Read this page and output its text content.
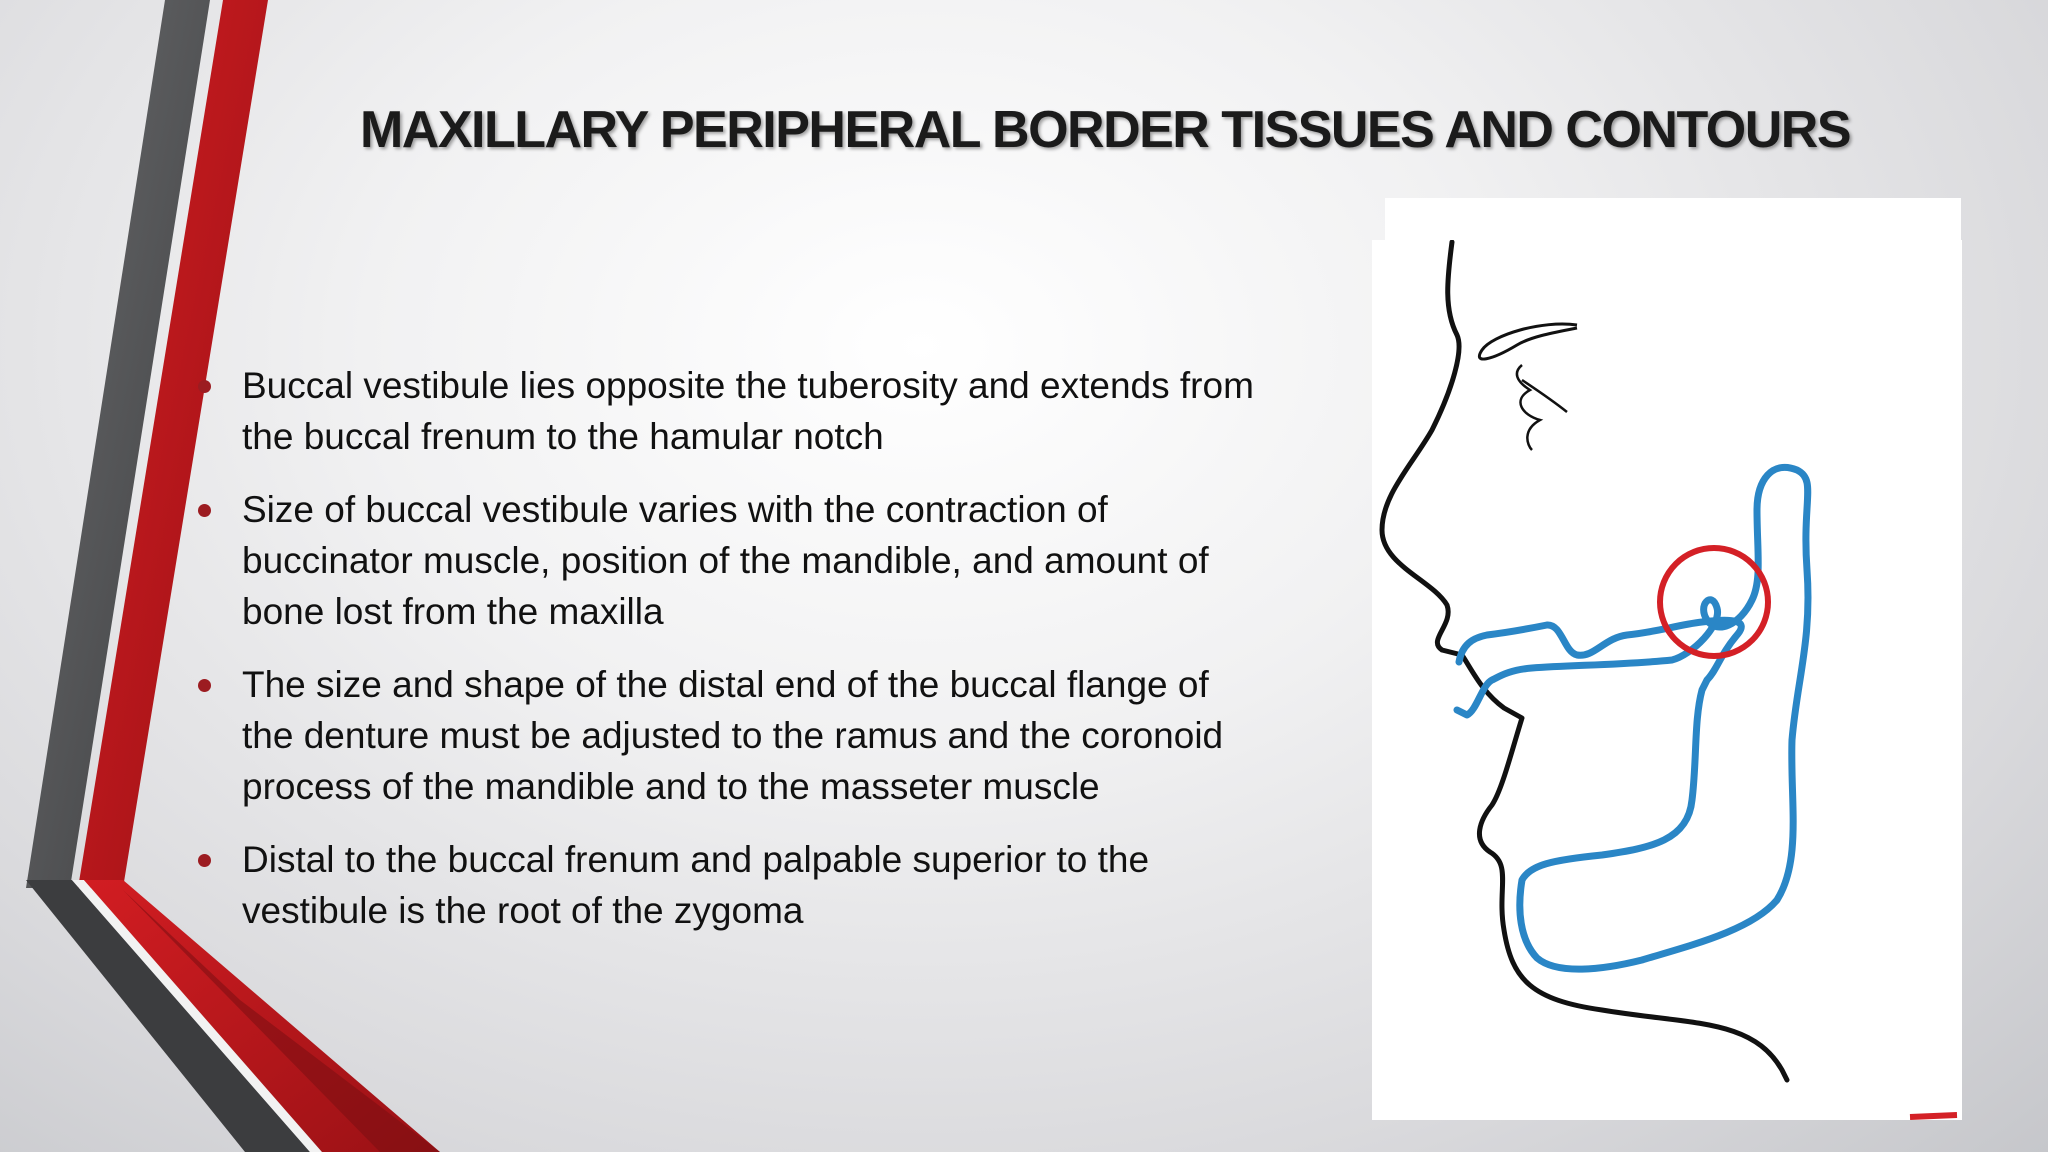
MAXILLARY PERIPHERAL BORDER TISSUES AND CONTOURS
Buccal vestibule lies opposite the tuberosity and extends from the buccal frenum to the hamular notch
Size of buccal vestibule varies with the contraction of buccinator muscle, position of the mandible, and amount of bone lost from the maxilla
The size and shape of the distal end of the buccal flange of the denture must be adjusted to the ramus and the coronoid process of the mandible and to the masseter muscle
Distal to the buccal frenum and palpable superior to the vestibule is the root of the zygoma
